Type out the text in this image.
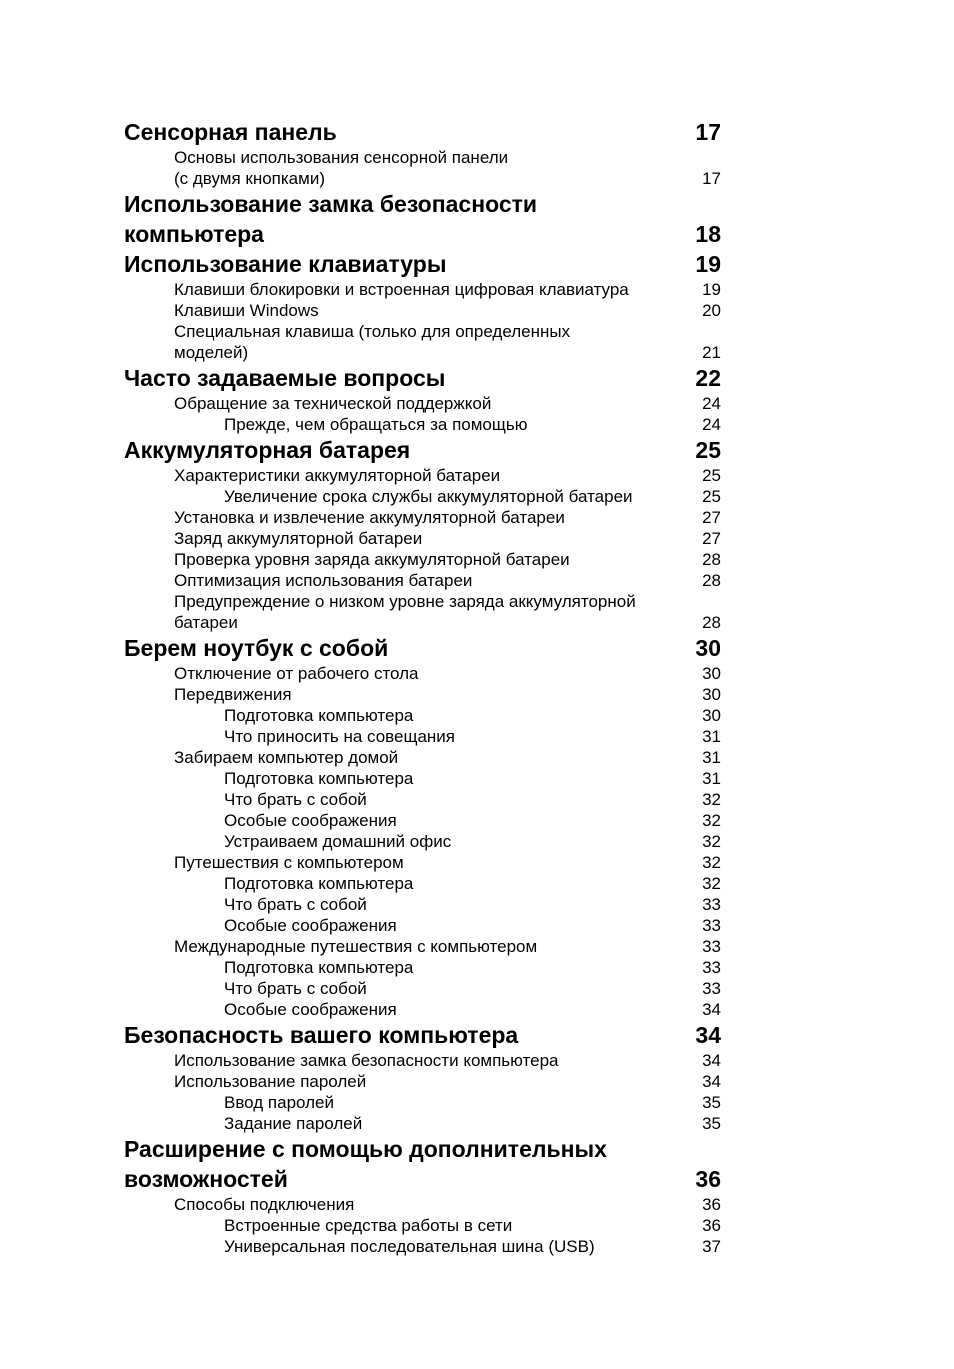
Сенсорная панель	17
Основы использования сенсорной панели
(с двумя кнопками)	17
Использование замка безопасности
компьютера	18
Использование клавиатуры	19
Клавиши блокировки и встроенная цифровая клавиатура	19
Клавиши Windows	20
Специальная клавиша (только для определенных
моделей)	21
Часто задаваемые вопросы	22
Обращение за технической поддержкой	24
Прежде, чем обращаться за помощью	24
Аккумуляторная батарея	25
Характеристики аккумуляторной батареи	25
Увеличение срока службы аккумуляторной батареи	25
Установка и извлечение аккумуляторной батареи	27
Заряд аккумуляторной батареи	27
Проверка уровня заряда аккумуляторной батареи	28
Оптимизация использования батареи	28
Предупреждение о низком уровне заряда аккумуляторной
батареи	28
Берем ноутбук с собой	30
Отключение от рабочего стола	30
Передвижения	30
Подготовка компьютера	30
Что приносить на совещания	31
Забираем компьютер домой	31
Подготовка компьютера	31
Что брать с собой	32
Особые соображения	32
Устраиваем домашний офис	32
Путешествия с компьютером	32
Подготовка компьютера	32
Что брать с собой	33
Особые соображения	33
Международные путешествия с компьютером	33
Подготовка компьютера	33
Что брать с собой	33
Особые соображения	34
Безопасность вашего компьютера	34
Использование замка безопасности компьютера	34
Использование паролей	34
Ввод паролей	35
Задание паролей	35
Расширение с помощью дополнительных
возможностей	36
Способы подключения	36
Встроенные средства работы в сети	36
Универсальная последовательная шина (USB)	37
